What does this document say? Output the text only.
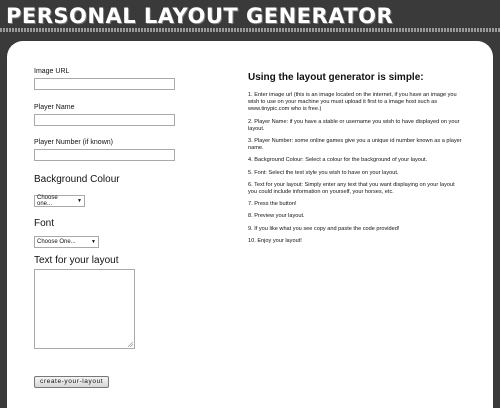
PERSONAL LAYOUT GENERATOR

Image URL

Player Name

Player Number (if known)

Background Colour

Choose one...	▼

Font

Choose One...	▼

Text for your layout

create-your-layout
Using the layout generator is simple:
1. Enter image url (this is an image located on the internet, if you have an image you wish to use on your machine you must upload it first to a image host such as www.tinypic.com who is free.)
2. Player Name: if you have a stable or username you wish to have displayed on your layout.
3. Player Number: some online games give you a unique id number known as a player name.
4. Background Colour: Select a colour for the background of your layout.
5. Font: Select the text style you wish to have on your layout.
6. Text for your layout: Simply enter any text that you want displaying on your layout you could include information on yourself, your horses, etc.
7. Press the button!
8. Preview your layout.
9. If you like what you see copy and paste the code provided!
10. Enjoy your layout!
